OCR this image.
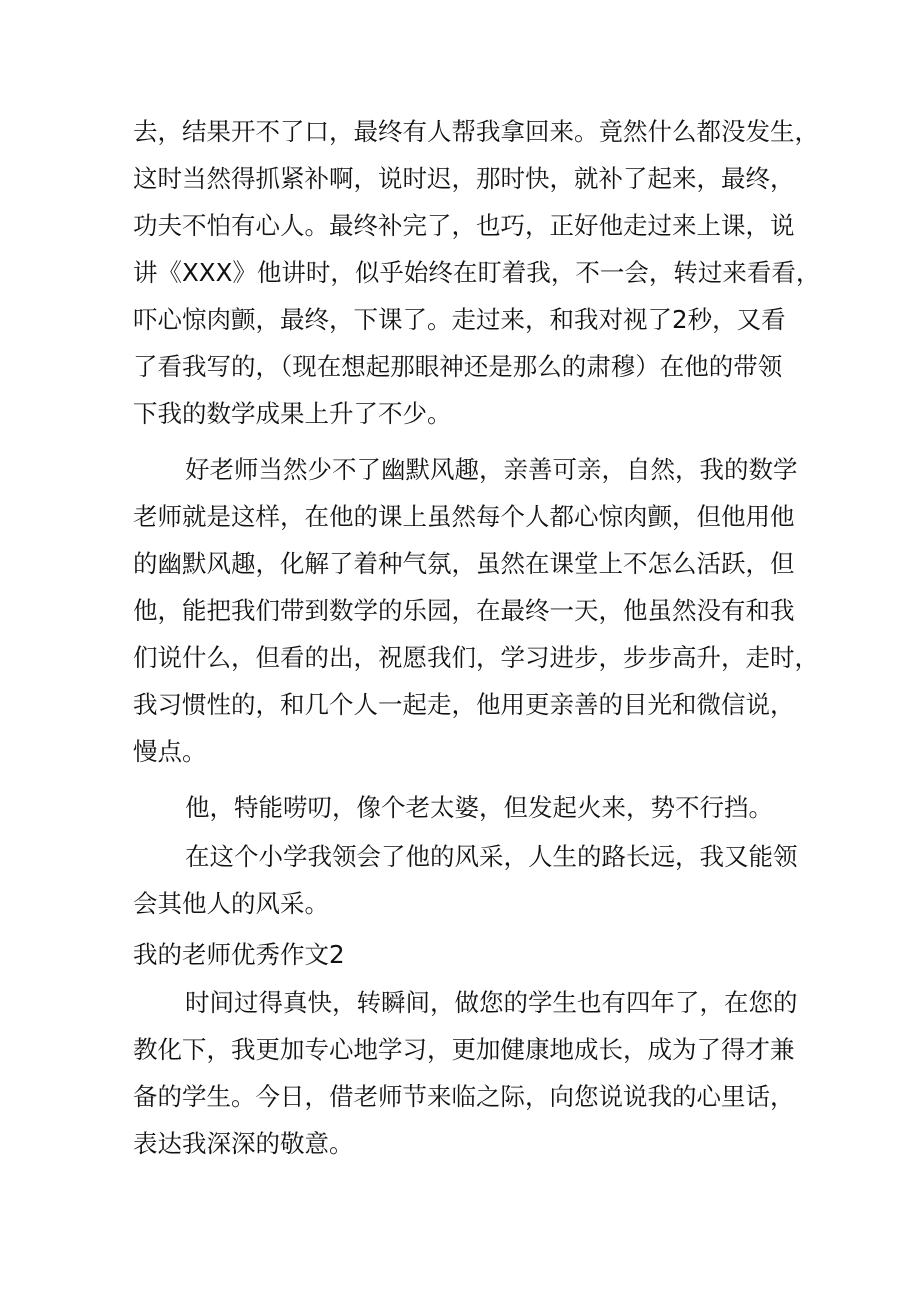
去，结果开不了口，最终有人帮我拿回来。竟然什么都没发生，
这时当然得抓紧补啊，说时迟，那时快，就补了起来，最终，
功夫不怕有心人。最终补完了，也巧，正好他走过来上课，说
讲《XXX》他讲时，似乎始终在盯着我，不一会，转过来看看，
吓心惊肉颤，最终，下课了。走过来，和我对视了2秒，又看
了看我写的，（现在想起那眼神还是那么的肃穆）在他的带领
下我的数学成果上升了不少。
好老师当然少不了幽默风趣，亲善可亲，自然，我的数学
老师就是这样，在他的课上虽然每个人都心惊肉颤，但他用他
的幽默风趣，化解了着种气氛，虽然在课堂上不怎么活跃，但
他，能把我们带到数学的乐园，在最终一天，他虽然没有和我
们说什么，但看的出，祝愿我们，学习进步，步步高升，走时，
我习惯性的，和几个人一起走，他用更亲善的目光和微信说，
慢点。
他，特能唠叨，像个老太婆，但发起火来，势不行挡。
在这个小学我领会了他的风采，人生的路长远，我又能领
会其他人的风采。
我的老师优秀作文2
时间过得真快，转瞬间，做您的学生也有四年了，在您的
教化下，我更加专心地学习，更加健康地成长，成为了得才兼
备的学生。今日，借老师节来临之际，向您说说我的心里话，
表达我深深的敬意。
